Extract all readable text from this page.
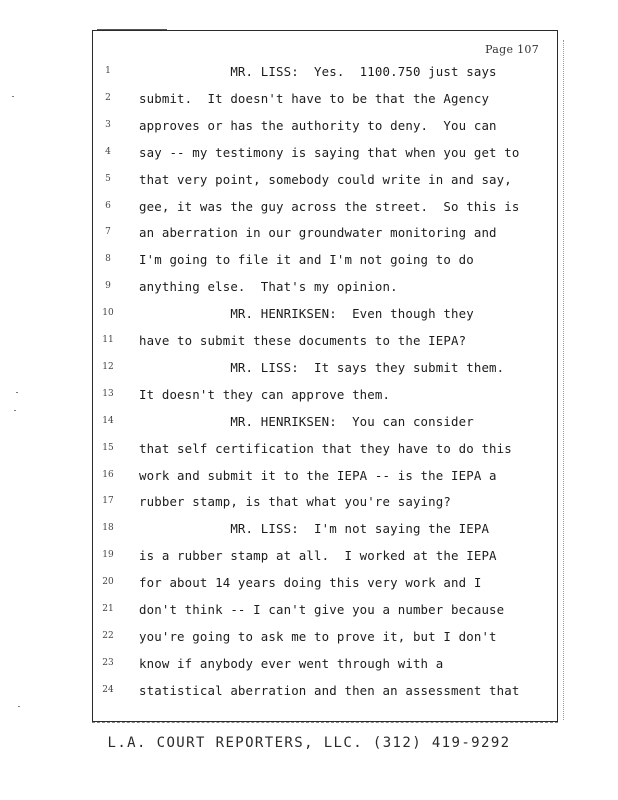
Page 107
1	MR. LISS:  Yes.  1100.750 just says
2	submit.  It doesn't have to be that the Agency
3	approves or has the authority to deny.  You can
4	say -- my testimony is saying that when you get to
5	that very point, somebody could write in and say,
6	gee, it was the guy across the street.  So this is
7	an aberration in our groundwater monitoring and
8	I'm going to file it and I'm not going to do
9	anything else.  That's my opinion.
10	MR. HENRIKSEN:  Even though they
11	have to submit these documents to the IEPA?
12	MR. LISS:  It says they submit them.
13	It doesn't they can approve them.
14	MR. HENRIKSEN:  You can consider
15	that self certification that they have to do this
16	work and submit it to the IEPA -- is the IEPA a
17	rubber stamp, is that what you're saying?
18	MR. LISS:  I'm not saying the IEPA
19	is a rubber stamp at all.  I worked at the IEPA
20	for about 14 years doing this very work and I
21	don't think -- I can't give you a number because
22	you're going to ask me to prove it, but I don't
23	know if anybody ever went through with a
24	statistical aberration and then an assessment that
L.A. COURT REPORTERS, LLC. (312) 419-9292
